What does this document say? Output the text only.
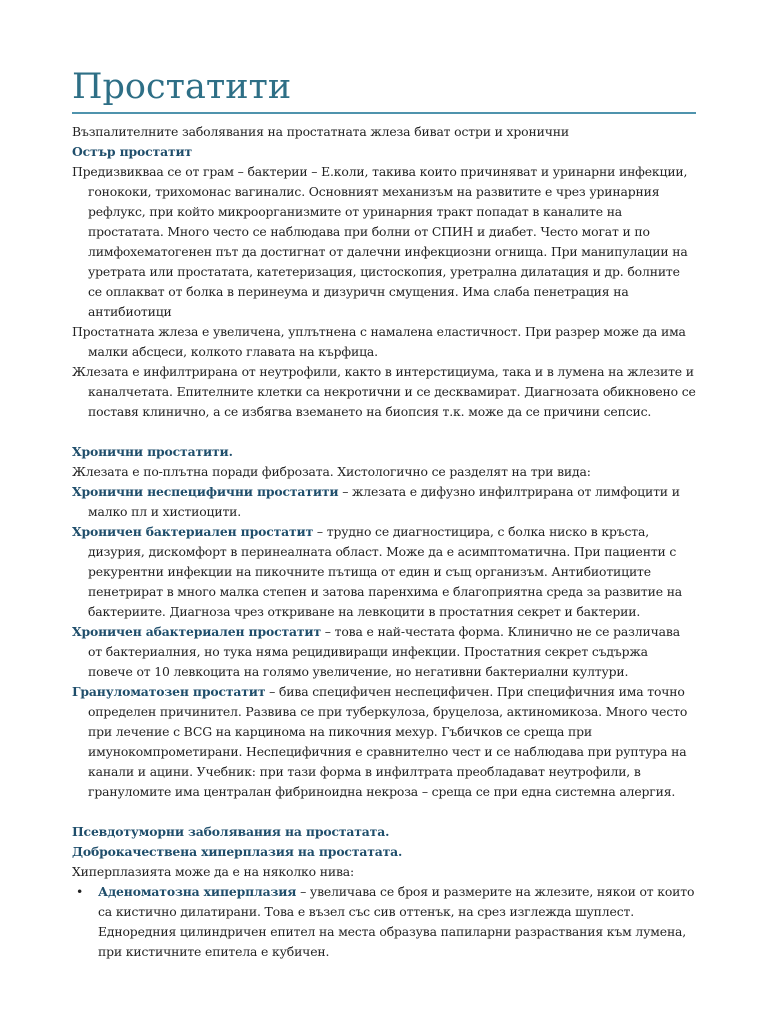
Простатити

Възпалителните заболявания на простатната жлеза биват остри и хронични

Остър простатит

Предизвикваа се от грам – бактерии – Е.коли, такива които причиняват и уринарни инфекции, гонококи, трихомонас вагиналис. Основният механизъм на развитите е чрез уринарния рефлукс, при който микроорганизмите от уринарния тракт попадат в каналите на простатата. Много често се наблюдава при болни от СПИН и диабет. Често могат и по лимфохематогенен път да достигнат от далечни инфекциозни огнища. При манипулации на уретрата или простатата, катетеризация, цистоскопия, уретрална дилатация и др. болните се оплакват от болка в перинеума и дизуричн смущения. Има слаба пенетрация на антибиотици

Простатната жлеза е увеличена, уплътнена с намалена еластичност. При разрер може да има малки абсцеси, колкото главата на кърфица.

Жлезата е инфилтрирана от неутрофили, както в интерстициума, така и в лумена на жлезите и каналчетата. Епителните клетки са некротични и се десквамират. Диагнозата обикновено се поставя клинично, а се избягва вземането на биопсия т.к. може да се причини сепсис.

Хронични простатити.

Жлезата е по-плътна поради фиброзата. Хистологично се разделят на три вида:

Хронични неспецифични простатити – жлезата е дифузно инфилтрирана от лимфоцити и малко пл и хистиоцити.

Хроничен бактериален простатит – трудно се диагностицира, с болка ниско в кръста, дизурия, дискомфорт в перинеалната област. Може да е асимптоматична. При пациенти с рекурентни инфекции на пикочните пътища от един и същ организъм. Антибиотиците пенетрират в много малка степен и затова паренхима е благоприятна среда за развитие на бактериите. Диагноза чрез откриване на левкоцити в простатния секрет и бактерии.

Хроничен абактериален простатит – това е най-честата форма. Клинично не се различава от бактериалния, но тука няма рецидивиращи инфекции. Простатния секрет съдържа повече от 10 левкоцита на голямо увеличение, но негативни бактериални култури.

Грануломатозен простатит – бива специфичен неспецифичен. При специфичния има точно определен причинител. Развива се при туберкулоза, бруцелоза, актиномикоза. Много често при лечение с BCG на карцинома на пикочния мехур. Гъбичков се среща при имунокомпрометирани. Неспецифичния е сравнително чест и се наблюдава при руптура на канали и ацини. Учебник: при тази форма в инфилтрата преобладават неутрофили, в грануломите има централан фибриноидна некроза – среща се при една системна алергия.

Псевдотуморни заболявания на простатата.

Доброкачествена хиперплазия на простатата.

Хиперплазията може да е на няколко нива:

• Аденоматозна хиперплазия – увеличава се броя и размерите на жлезите, някои от които са кистично дилатирани. Това е възел със сив оттенък, на срез изглежда шуплест. Еднoредния цилиндричен епител на места образува папиларни разраствания към лумена, при кистичните епитела е кубичен.
